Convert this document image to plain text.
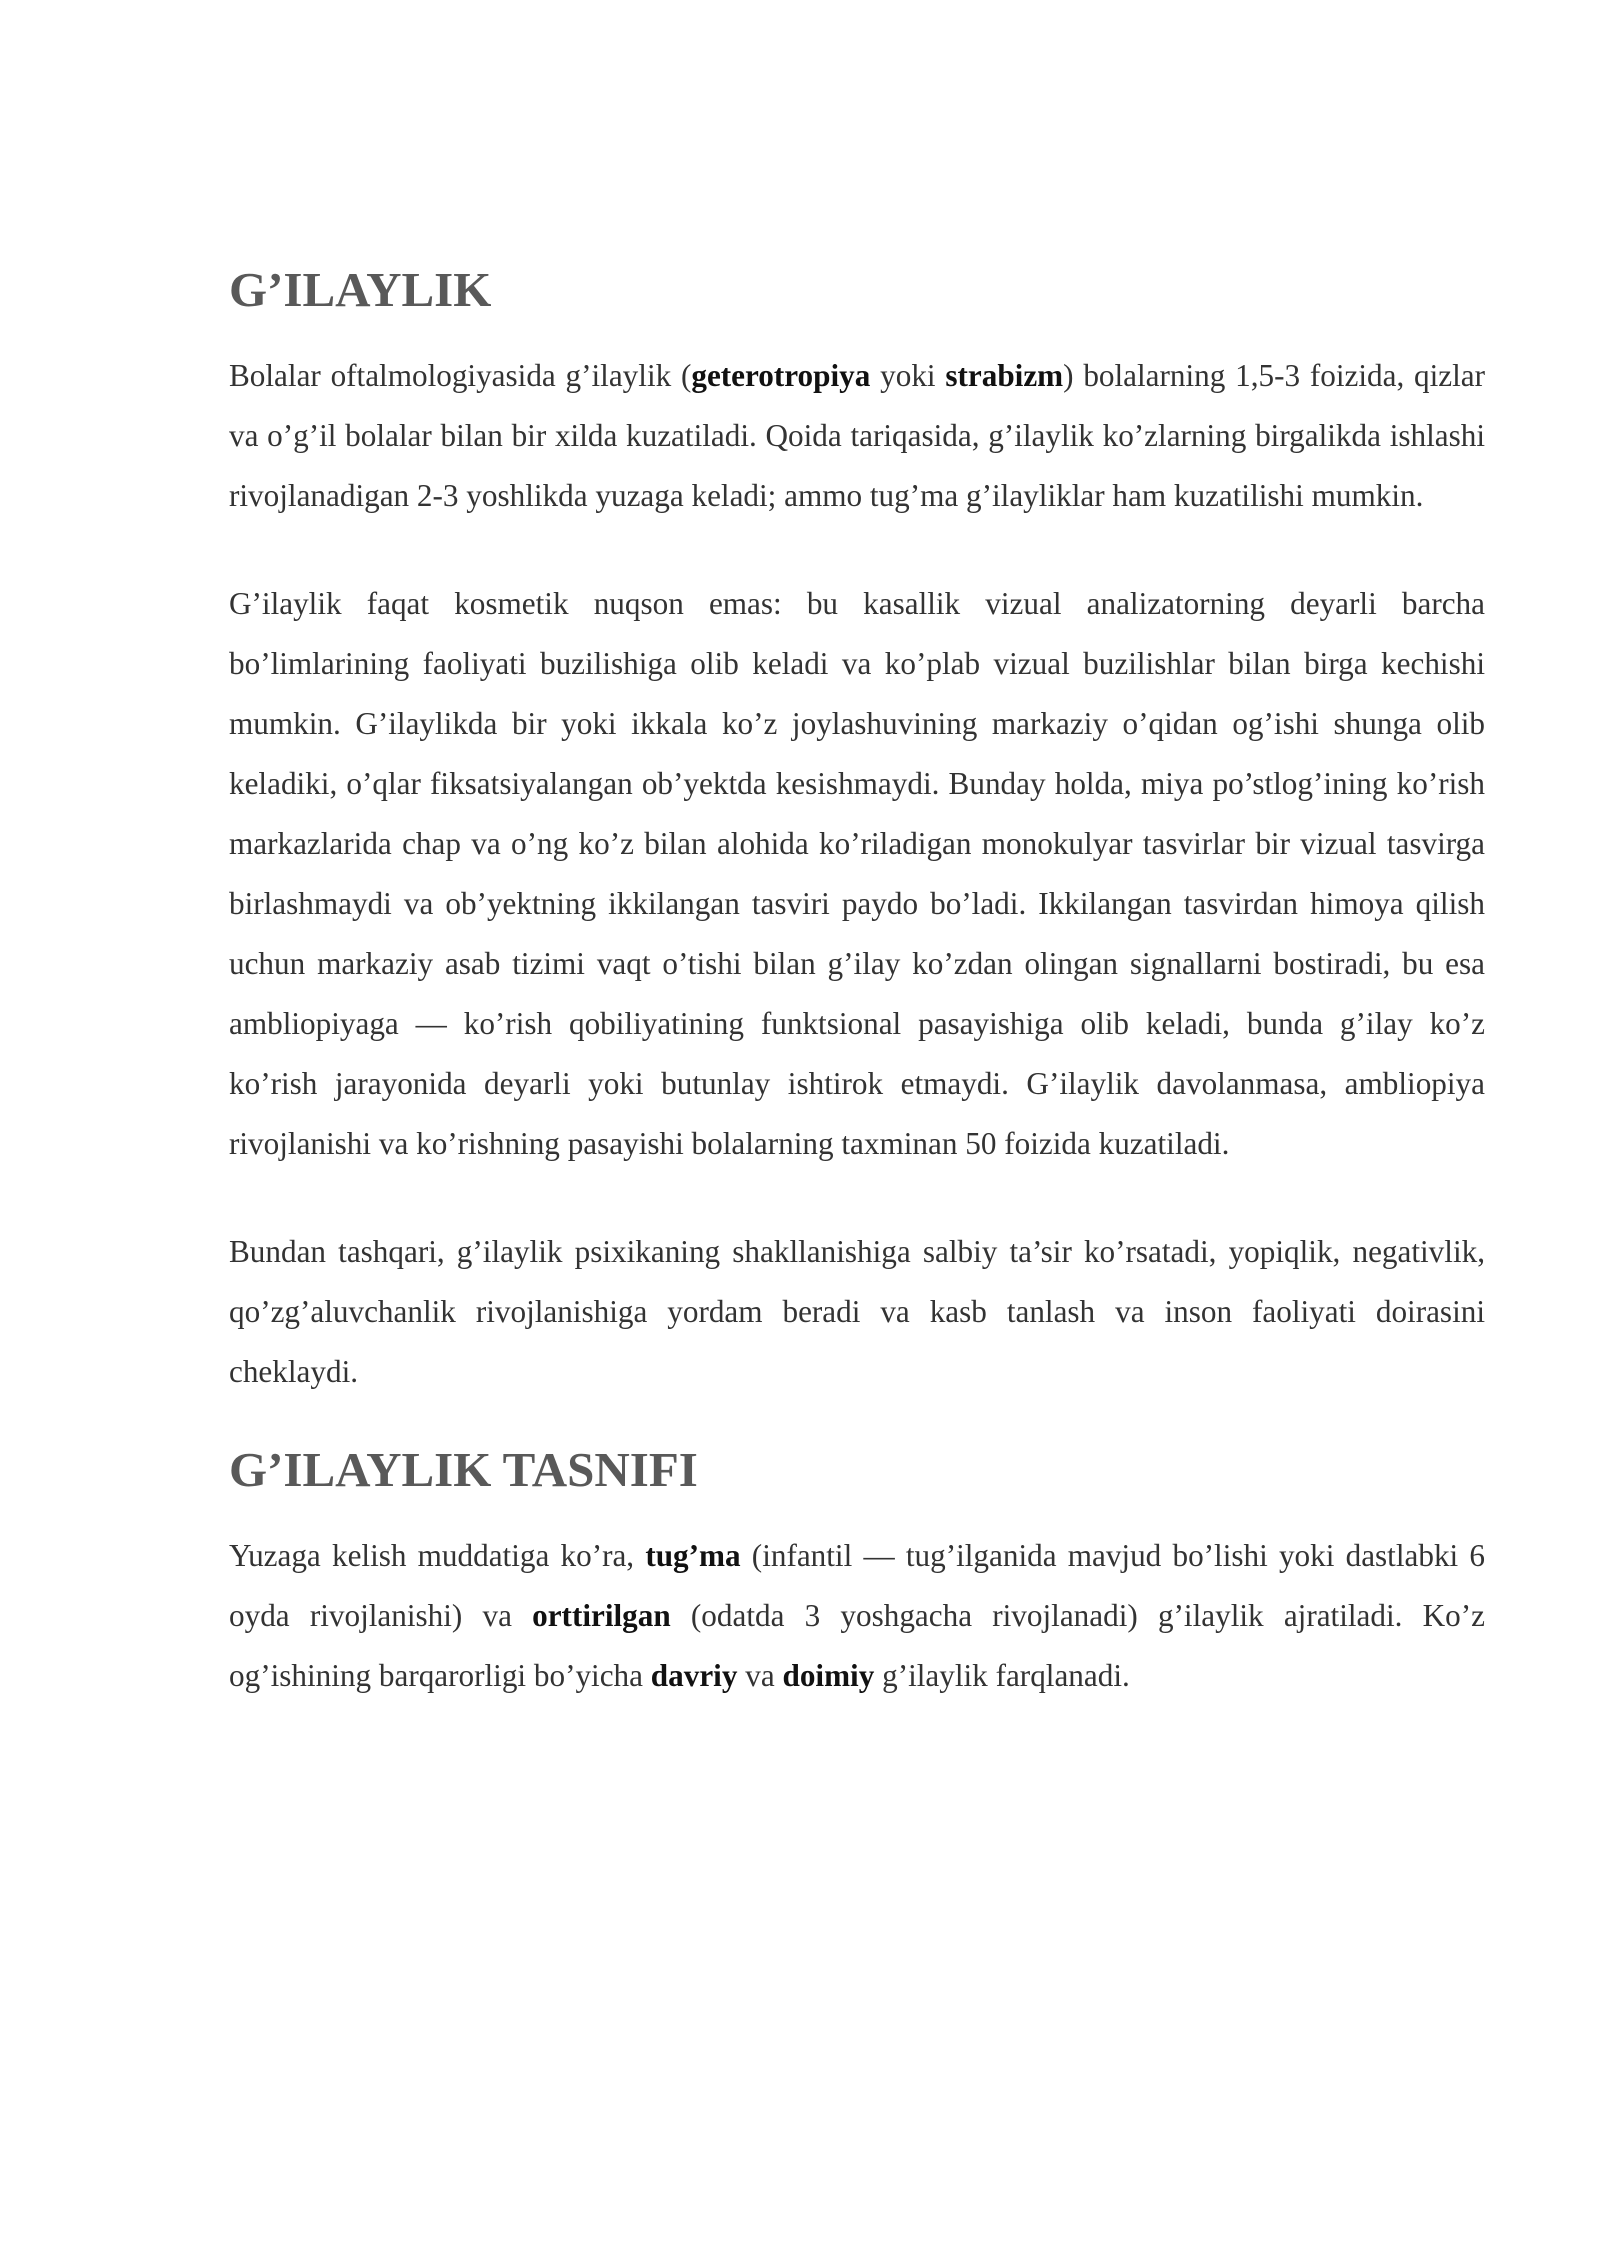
G’ILAYLIK

Bolalar oftalmologiyasida g’ilaylik (geterotropiya yoki strabizm) bolalarning 1,5-3 foizida, qizlar va o’g’il bolalar bilan bir xilda kuzatiladi. Qoida tariqasida, g’ilaylik ko’zlarning birgalikda ishlashi rivojlanadigan 2-3 yoshlikda yuzaga keladi; ammo tug’ma g’ilayliklar ham kuzatilishi mumkin.

G’ilaylik faqat kosmetik nuqson emas: bu kasallik vizual analizatorning deyarli barcha bo’limlarining faoliyati buzilishiga olib keladi va ko’plab vizual buzilishlar bilan birga kechishi mumkin. G’ilaylikda bir yoki ikkala ko’z joylashuvining markaziy o’qidan og’ishi shunga olib keladiki, o’qlar fiksatsiyalangan ob’yektda kesishmaydi. Bunday holda, miya po’stlog’ining ko’rish markazlarida chap va o’ng ko’z bilan alohida ko’riladigan monokulyar tasvirlar bir vizual tasvirga birlashmaydi va ob’yektning ikkilangan tasviri paydo bo’ladi. Ikkilangan tasvirdan himoya qilish uchun markaziy asab tizimi vaqt o’tishi bilan g’ilay ko’zdan olingan signallarni bostiradi, bu esa ambliopiyaga — ko’rish qobiliyatining funktsional pasayishiga olib keladi, bunda g’ilay ko’z ko’rish jarayonida deyarli yoki butunlay ishtirok etmaydi. G’ilaylik davolanmasa, ambliopiya rivojlanishi va ko’rishning pasayishi bolalarning taxminan 50 foizida kuzatiladi.

Bundan tashqari, g’ilaylik psixikaning shakllanishiga salbiy ta’sir ko’rsatadi, yopiqlik, negativlik, qo’zg’aluvchanlik rivojlanishiga yordam beradi va kasb tanlash va inson faoliyati doirasini cheklaydi.

G’ILAYLIK TASNIFI

Yuzaga kelish muddatiga ko’ra, tug’ma (infantil — tug’ilganida mavjud bo’lishi yoki dastlabki 6 oyda rivojlanishi) va orttirilgan (odatda 3 yoshgacha rivojlanadi) g’ilaylik ajratiladi. Ko’z og’ishining barqarorligi bo’yicha davriy va doimiy g’ilaylik farqlanadi.
